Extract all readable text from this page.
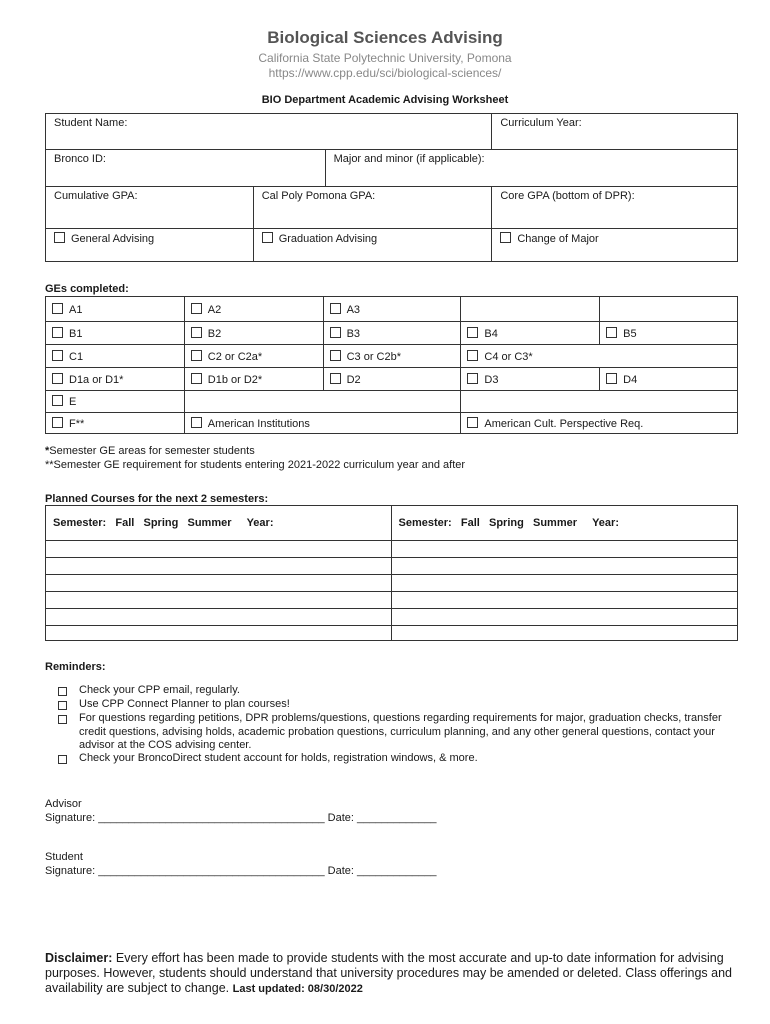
Biological Sciences Advising
California State Polytechnic University, Pomona
https://www.cpp.edu/sci/biological-sciences/
BIO Department Academic Advising Worksheet
Student Name:			Curriculum Year:
Bronco ID:		Major and minor (if applicable):	
Cumulative GPA:	Cal Poly Pomona GPA:		Core GPA (bottom of DPR):
General Advising	Graduation Advising		Change of Major
GEs completed:
A1	A2	A3		
B1	B2	B3	B4	B5
C1	C2 or C2a*	C3 or C2b*	C4 or C3*	
D1a or D1*	D1b or D2*	D2	D3	D4
E				
F**	American Institutions		American Cult. Perspective Req.	
*Semester GE areas for semester students
**Semester GE requirement for students entering 2021-2022 curriculum year and after
Planned Courses for the next 2 semesters:
Semester:   Fall   Spring   Summer     Year:	Semester:   Fall   Spring   Summer     Year:

Reminders:
Check your CPP email, regularly.
Use CPP Connect Planner to plan courses!
For questions regarding petitions, DPR problems/questions, questions regarding requirements for major, graduation checks, transfer credit questions, advising holds, academic probation questions, curriculum planning, and any other general questions, contact your advisor at the COS advising center.
Check your BroncoDirect student account for holds, registration windows, & more.
Advisor
Signature: _____________________________________ Date: _____________
Student
Signature: _____________________________________ Date: _____________
Disclaimer: Every effort has been made to provide students with the most accurate and up-to date information for advising purposes. However, students should understand that university procedures may be amended or deleted. Class offerings and availability are subject to change. Last updated: 08/30/2022
